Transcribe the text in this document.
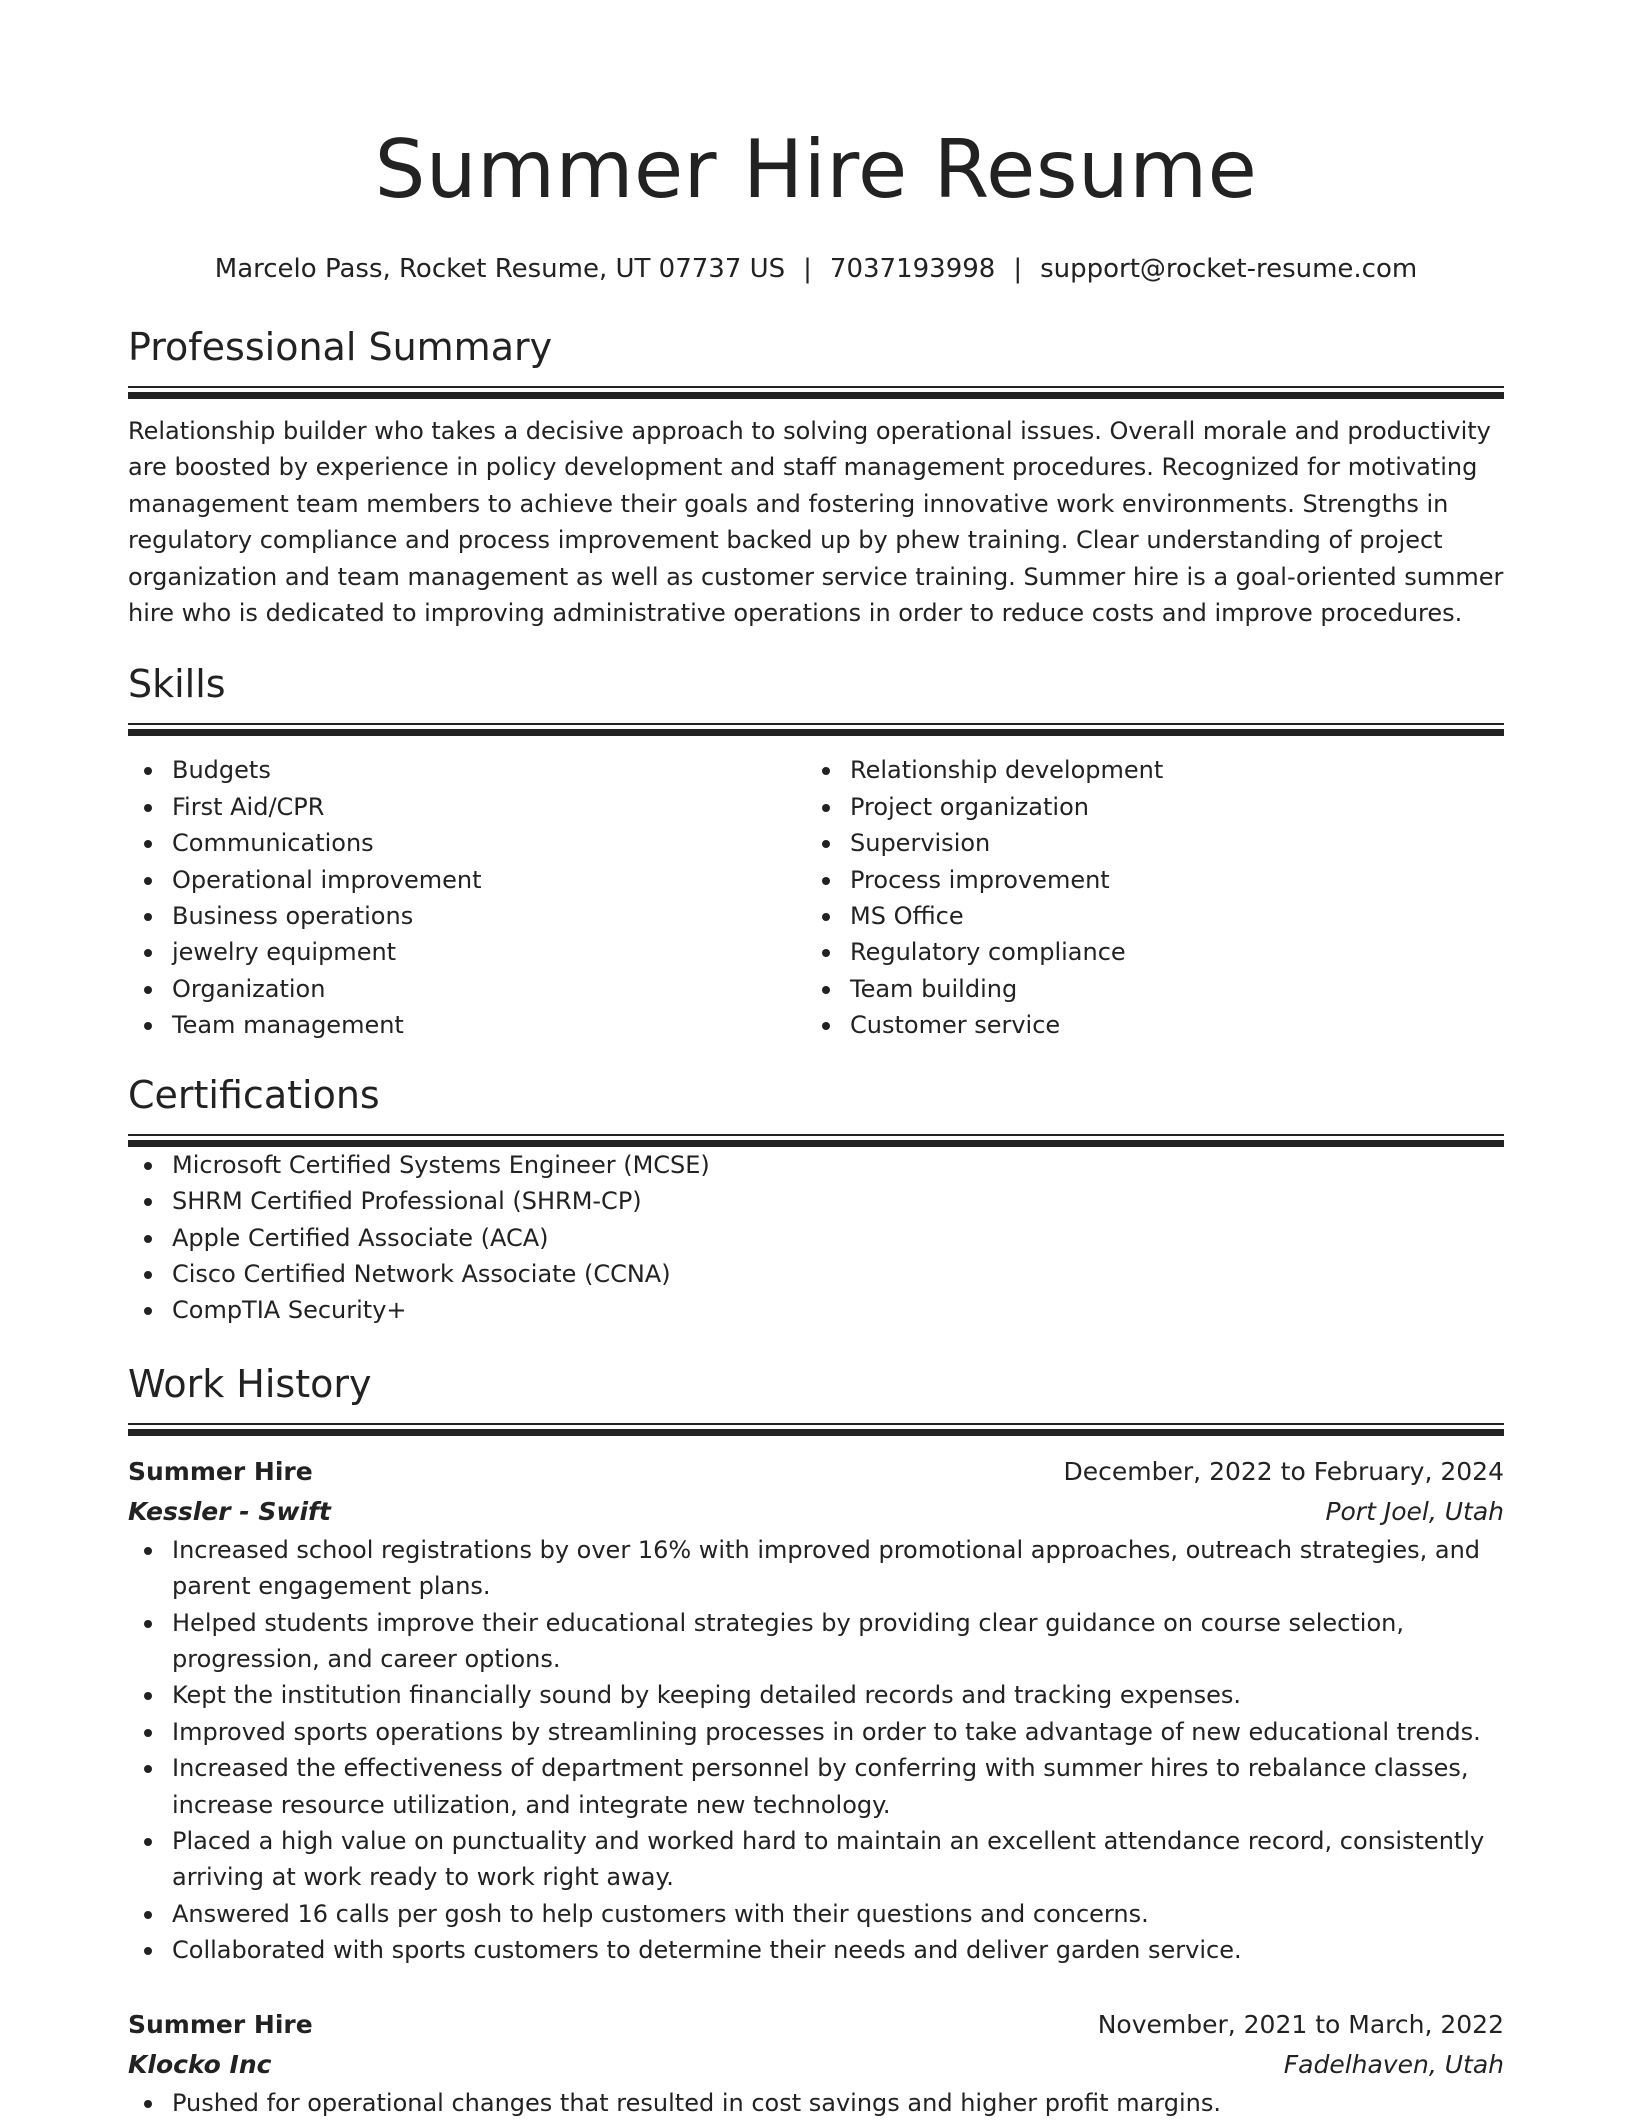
Summer Hire Resume
Marcelo Pass, Rocket Resume, UT 07737 US | 7037193998 | support@rocket-resume.com
Professional Summary

Relationship builder who takes a decisive approach to solving operational issues. Overall morale and productivity are boosted by experience in policy development and staff management procedures. Recognized for motivating management team members to achieve their goals and fostering innovative work environments. Strengths in regulatory compliance and process improvement backed up by phew training. Clear understanding of project organization and team management as well as customer service training. Summer hire is a goal-oriented summer hire who is dedicated to improving administrative operations in order to reduce costs and improve procedures.

Skills
Budgets
First Aid/CPR
Communications
Operational improvement
Business operations
jewelry equipment
Organization
Team management
Relationship development
Project organization
Supervision
Process improvement
MS Office
Regulatory compliance
Team building
Customer service
Certifications
Microsoft Certified Systems Engineer (MCSE)
SHRM Certified Professional (SHRM-CP)
Apple Certified Associate (ACA)
Cisco Certified Network Associate (CCNA)
CompTIA Security+
Work History
Summer Hire	December, 2022 to February, 2024
Kessler - Swift	Port Joel, Utah
Increased school registrations by over 16% with improved promotional approaches, outreach strategies, and parent engagement plans.
Helped students improve their educational strategies by providing clear guidance on course selection, progression, and career options.
Kept the institution financially sound by keeping detailed records and tracking expenses.
Improved sports operations by streamlining processes in order to take advantage of new educational trends.
Increased the effectiveness of department personnel by conferring with summer hires to rebalance classes, increase resource utilization, and integrate new technology.
Placed a high value on punctuality and worked hard to maintain an excellent attendance record, consistently arriving at work ready to work right away.
Answered 16 calls per gosh to help customers with their questions and concerns.
Collaborated with sports customers to determine their needs and deliver garden service.
Summer Hire	November, 2021 to March, 2022
Klocko Inc	Fadelhaven, Utah
Pushed for operational changes that resulted in cost savings and higher profit margins.
